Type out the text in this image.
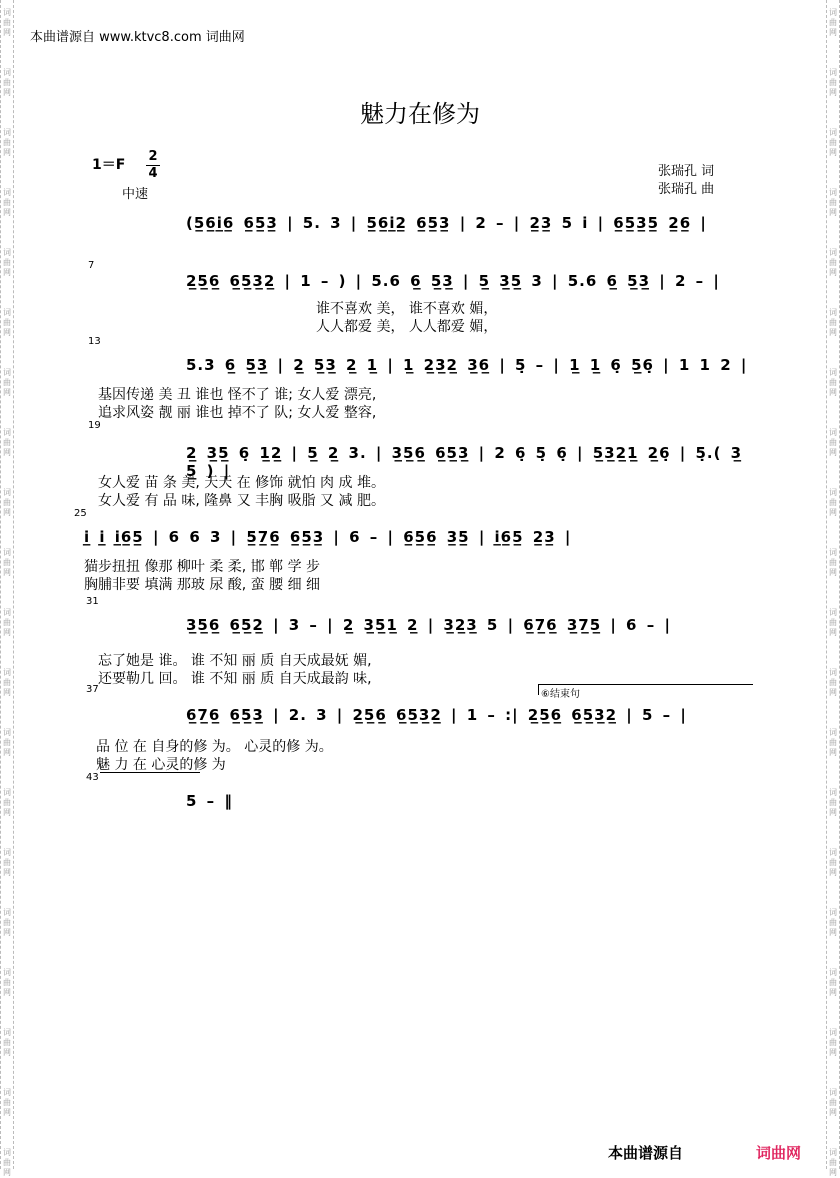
词
曲
网
词
曲
网
词
曲
网
词
曲
网
词
曲
网
词
曲
网
词
曲
网
词
曲
网
词
曲
网
词
曲
网
词
曲
网
词
曲
网
词
曲
网
词
曲
网
词
曲
网
词
曲
网
词
曲
网
词
曲
网
词
曲
网
词
曲
网
词
曲
网
词
曲
网
词
曲
网
词
曲
网
词
曲
网
词
曲
网
词
曲
网
词
曲
网
词
曲
网
词
曲
网
词
曲
网
词
曲
网
词
曲
网
词
曲
网
词
曲
网
词
曲
网
词
曲
网
词
曲
网
词
曲
网
词
曲
网
本曲谱源自 www.ktvc8.com 词曲网
魅力在修为
1＝F
2
4
中速
张瑞孔 词
张瑞孔 曲
(5̲6̲i̲6̲ 6̲5̲3̲ | 5. 3 | 5̲6̲i̲2̲ 6̲5̲3̲ | 2 – | 2̲3̲ 5 i | 6̲5̲3̲5̲ 2̲6̲ |
7
2̲5̲6̲ 6̲5̲3̲2̲ | 1 – ) | 5.6 6̲ 5̲3̲ | 5̲ 3̲5̲ 3 | 5.6 6̲ 5̲3̲ | 2 – |
谁不喜欢 美， 谁不喜欢 媚，
人人都爱 美， 人人都爱 媚，
13
5.3 6̲ 5̲3̲ | 2̲ 5̲3̲ 2̲ 1̲ | 1̲ 2̲3̲2̲ 3̲6̲ | 5̣ – | 1̲ 1̲ 6̣ 5̲6̣ | 1 1 2 |
基因传递 美 丑 谁也 怪不了 谁; 女人爱 漂亮,
追求风姿 靓 丽 谁也 掉不了 队; 女人爱 整容,
19
2̲ 3̲5̲ 6̣ 1̲2̲ | 5̲ 2̲ 3. | 3̲5̲6̲ 6̲5̲3̲ | 2 6̣ 5̣ 6̣ | 5̲3̲2̲1̲ 2̲6̣ | 5̣.( 3̲ 5̲ ) |
女人爱 苗 条 美, 天天 在 修饰 就怕 肉 成 堆。
女人爱 有 品 味, 隆鼻 又 丰胸 吸脂 又 减 肥。
25
i̲ i̲ i̲6̲5̲ | 6 6 3 | 5̲7̲6̲ 6̲5̲3̲ | 6 – | 6̲5̲6̲ 3̲5̲ | i̲6̲5̲ 2̲3̲ |
猫步扭扭 像那 柳叶 柔 柔, 邯 郸 学 步
胸脯非要 填满 那玻 尿 酸, 蛮 腰 细 细
31
3̲5̲6̲ 6̲5̲2̲ | 3 – | 2̲ 3̲5̲1̲ 2̲ | 3̲2̲3̲ 5 | 6̲7̲6̲ 3̲7̲5̲ | 6 – |
忘了她是 谁。 谁 不知 丽 质 自天成最妩 媚,
还要勒几 回。 谁 不知 丽 质 自天成最韵 味,
37	⑥结束句
6̲7̲6̲ 6̲5̲3̲ | 2. 3 | 2̲5̲6̲ 6̲5̲3̲2̲ | 1 – :| 2̲5̲6̲ 6̲5̲3̲2̲ | 5 – |
品 位 在 自身的修 为。 心灵的修 为。
魅 力 在 心灵的修 为
43
5 – ‖
本曲谱源自	词曲网
